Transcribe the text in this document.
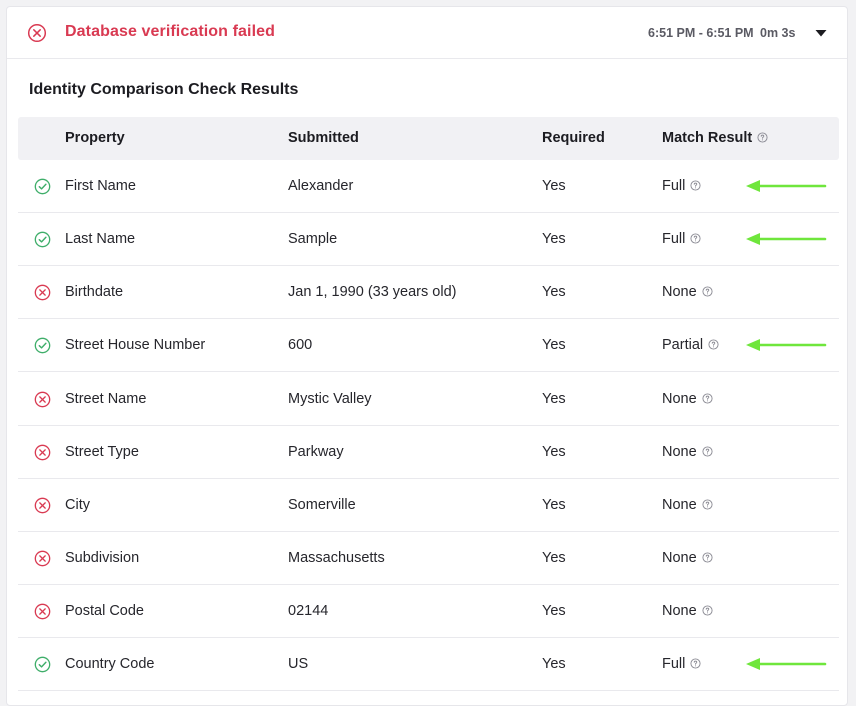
Database verification failed	6:51 PM - 6:51 PM 0m 3s
Identity Comparison Check Results
Property	Submitted	Required	Match Result
First Name	Alexander	Yes	Full
Last Name	Sample	Yes	Full
Birthdate	Jan 1, 1990 (33 years old)	Yes	None
Street House Number	600	Yes	Partial
Street Name	Mystic Valley	Yes	None
Street Type	Parkway	Yes	None
City	Somerville	Yes	None
Subdivision	Massachusetts	Yes	None
Postal Code	02144	Yes	None
Country Code	US	Yes	Full
